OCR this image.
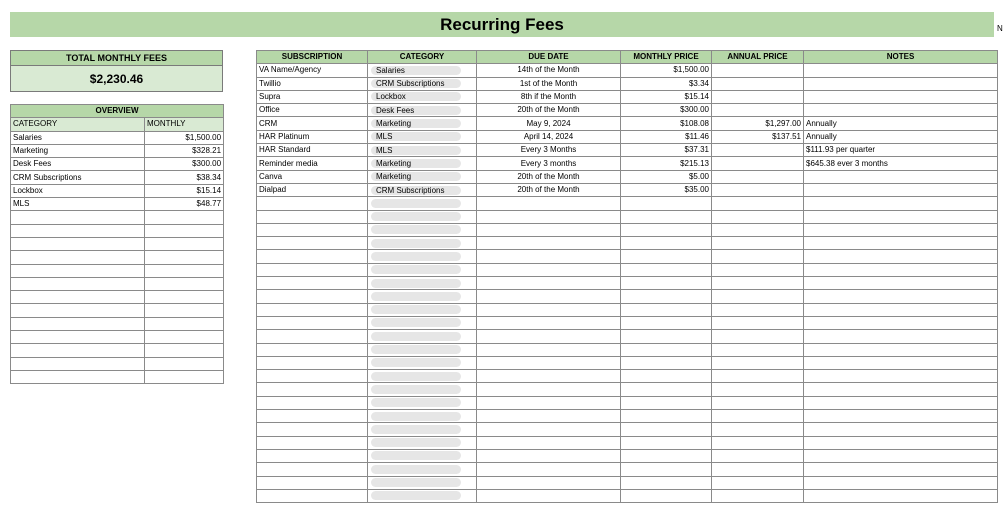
Recurring Fees	N
TOTAL MONTHLY FEES
$2,230.46
OVERVIEW	
CATEGORY	MONTHLY
Salaries	$1,500.00
Marketing	$328.21
Desk Fees	$300.00
CRM Subscriptions	$38.34
Lockbox	$15.14
MLS	$48.77

SUBSCRIPTION	CATEGORY	DUE DATE	MONTHLY PRICE	ANNUAL PRICE	NOTES
VA Name/Agency	Salaries	14th of the Month	$1,500.00		
Twillio	CRM Subscriptions	1st of the Month	$3.34		
Supra	Lockbox	8th if the Month	$15.14		
Office	Desk Fees	20th of the Month	$300.00		
CRM	Marketing	May 9, 2024	$108.08	$1,297.00	Annually
HAR Platinum	MLS	April 14, 2024	$11.46	$137.51	Annually
HAR Standard	MLS	Every 3 Months	$37.31		$111.93 per quarter
Reminder media	Marketing	Every 3 months	$215.13		$645.38 ever 3 months
Canva	Marketing	20th of the Month	$5.00		
Dialpad	CRM Subscriptions	20th of the Month	$35.00		
